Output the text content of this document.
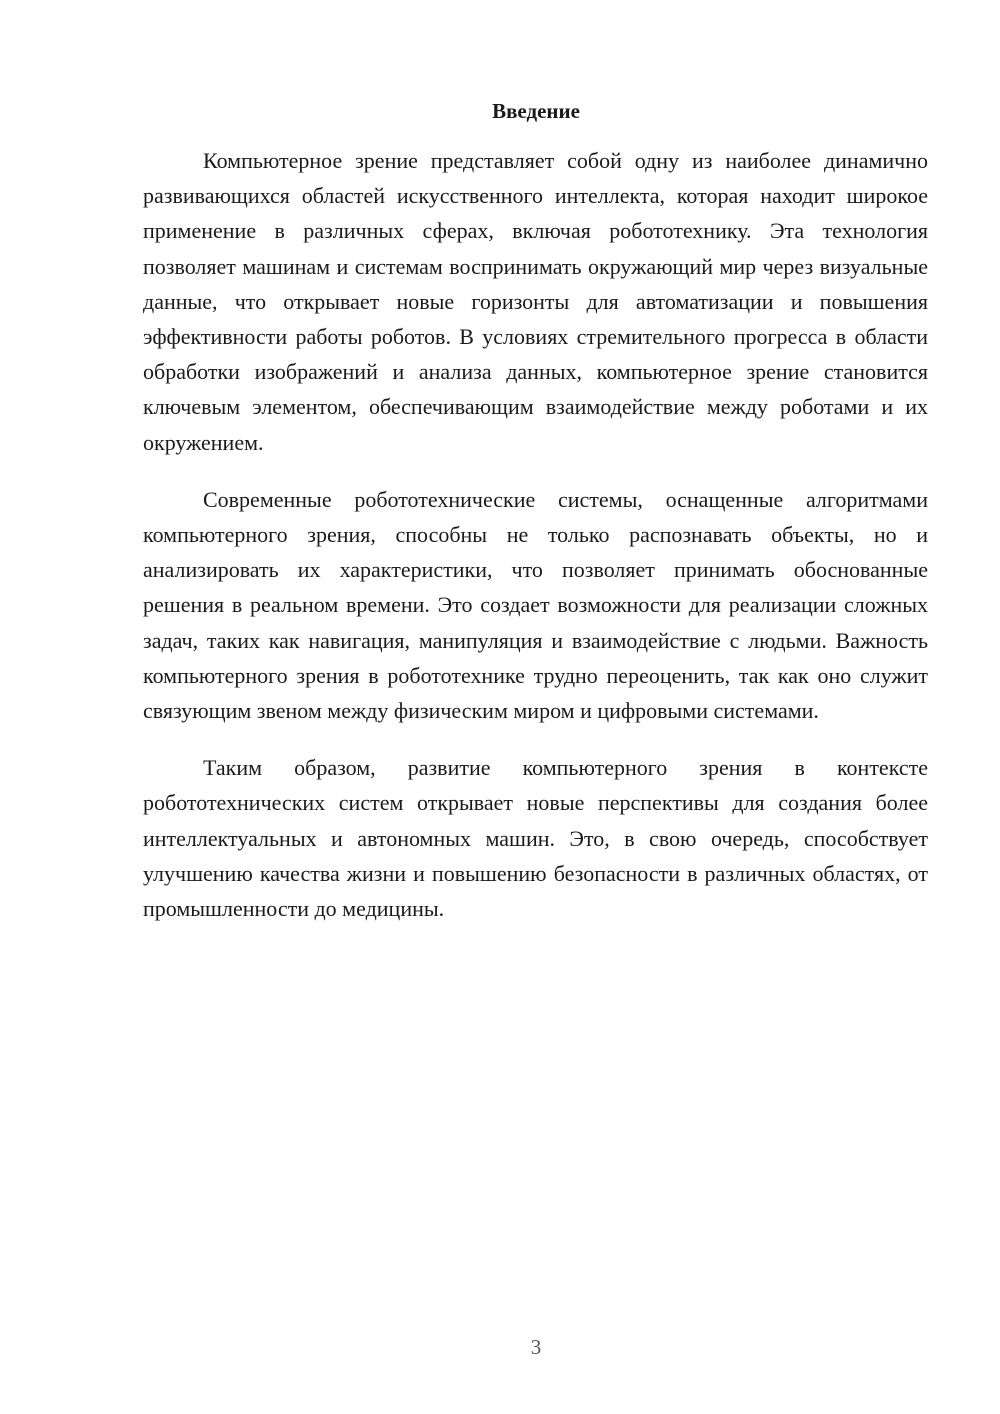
Введение

Компьютерное зрение представляет собой одну из наиболее динамично развивающихся областей искусственного интеллекта, которая находит широкое применение в различных сферах, включая робототехнику. Эта технология позволяет машинам и системам воспринимать окружающий мир через визуальные данные, что открывает новые горизонты для автоматизации и повышения эффективности работы роботов. В условиях стремительного прогресса в области обработки изображений и анализа данных, компьютерное зрение становится ключевым элементом, обеспечивающим взаимодействие между роботами и их окружением.

Современные робототехнические системы, оснащенные алгоритмами компьютерного зрения, способны не только распознавать объекты, но и анализировать их характеристики, что позволяет принимать обоснованные решения в реальном времени. Это создает возможности для реализации сложных задач, таких как навигация, манипуляция и взаимодействие с людьми. Важность компьютерного зрения в робототехнике трудно переоценить, так как оно служит связующим звеном между физическим миром и цифровыми системами.

Таким образом, развитие компьютерного зрения в контексте робототехнических систем открывает новые перспективы для создания более интеллектуальных и автономных машин. Это, в свою очередь, способствует улучшению качества жизни и повышению безопасности в различных областях, от промышленности до медицины.

3
